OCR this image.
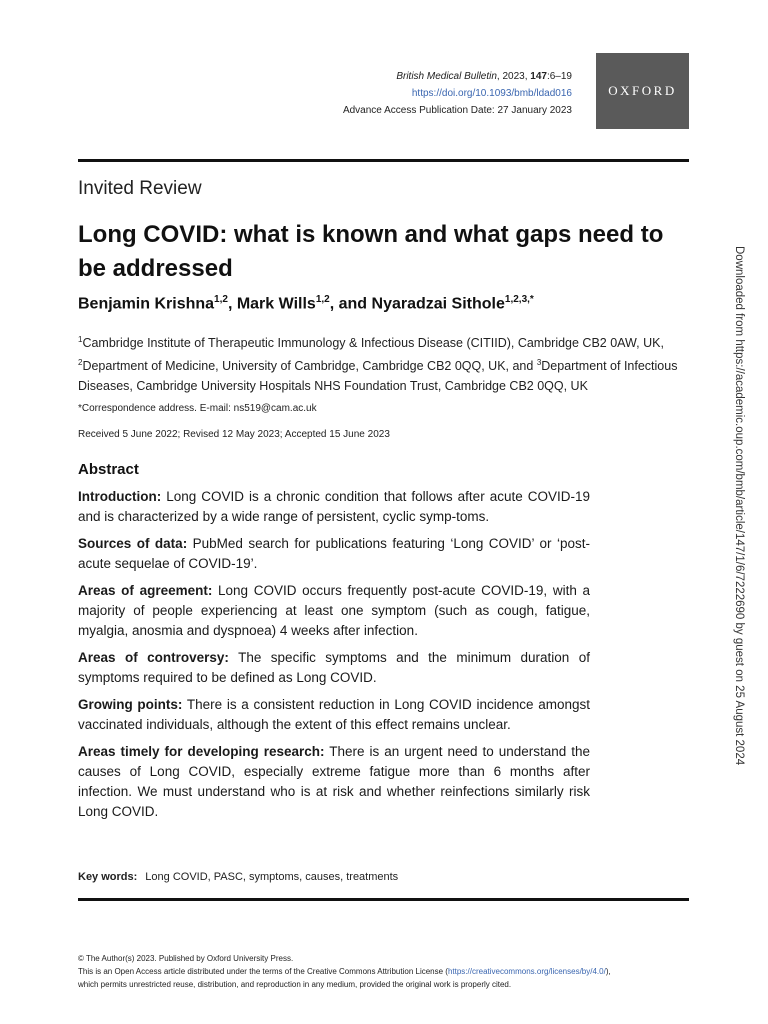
British Medical Bulletin, 2023, 147:6–19
https://doi.org/10.1093/bmb/ldad016
Advance Access Publication Date: 27 January 2023
OXFORD
Invited Review
Long COVID: what is known and what gaps need to be addressed
Benjamin Krishna$^{1,2}$, Mark Wills$^{1,2}$, and Nyaradzai Sithole$^{1,2,3,*}$
$^1$Cambridge Institute of Therapeutic Immunology & Infectious Disease (CITIID), Cambridge CB2 0AW, UK,
$^2$Department of Medicine, University of Cambridge, Cambridge CB2 0QQ, UK, and $^3$Department of Infectious Diseases, Cambridge University Hospitals NHS Foundation Trust, Cambridge CB2 0QQ, UK
*Correspondence address. E-mail: ns519@cam.ac.uk
Received 5 June 2022; Revised 12 May 2023; Accepted 15 June 2023
Abstract

Introduction: Long COVID is a chronic condition that follows after acute COVID-19 and is characterized by a wide range of persistent, cyclic symp-toms.

Sources of data: PubMed search for publications featuring ‘Long COVID’ or ‘post-acute sequelae of COVID-19’.

Areas of agreement: Long COVID occurs frequently post-acute COVID-19, with a majority of people experiencing at least one symptom (such as cough, fatigue, myalgia, anosmia and dyspnoea) 4 weeks after infection.

Areas of controversy: The specific symptoms and the minimum duration of symptoms required to be defined as Long COVID.

Growing points: There is a consistent reduction in Long COVID incidence amongst vaccinated individuals, although the extent of this effect remains unclear.

Areas timely for developing research: There is an urgent need to understand the causes of Long COVID, especially extreme fatigue more than 6 months after infection. We must understand who is at risk and whether reinfections similarly risk Long COVID.

Key words: Long COVID, PASC, symptoms, causes, treatments
© The Author(s) 2023. Published by Oxford University Press.
This is an Open Access article distributed under the terms of the Creative Commons Attribution License (https://creativecommons.org/licenses/by/4.0/),
which permits unrestricted reuse, distribution, and reproduction in any medium, provided the original work is properly cited.
Downloaded from https://academic.oup.com/bmb/article/147/1/6/7222690 by guest on 25 August 2024
